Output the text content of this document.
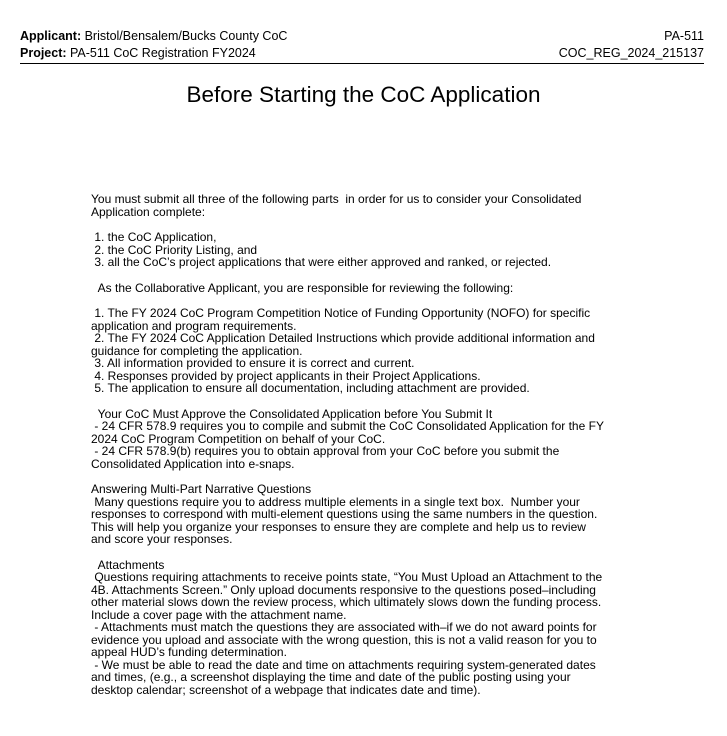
Applicant: Bristol/Bensalem/Bucks County CoC	PA-511
Project: PA-511 CoC Registration FY2024	COC_REG_2024_215137
Before Starting the CoC Application

You must submit all three of the following parts  in order for us to consider your Consolidated

Application complete:

1. the CoC Application,

2. the CoC Priority Listing, and

3. all the CoC’s project applications that were either approved and ranked, or rejected.

As the Collaborative Applicant, you are responsible for reviewing the following:

1. The FY 2024 CoC Program Competition Notice of Funding Opportunity (NOFO) for specific

application and program requirements.

2. The FY 2024 CoC Application Detailed Instructions which provide additional information and

guidance for completing the application.

3. All information provided to ensure it is correct and current.

4. Responses provided by project applicants in their Project Applications.

5. The application to ensure all documentation, including attachment are provided.

Your CoC Must Approve the Consolidated Application before You Submit It

- 24 CFR 578.9 requires you to compile and submit the CoC Consolidated Application for the FY

2024 CoC Program Competition on behalf of your CoC.

- 24 CFR 578.9(b) requires you to obtain approval from your CoC before you submit the

Consolidated Application into e-snaps.

Answering Multi-Part Narrative Questions

Many questions require you to address multiple elements in a single text box.  Number your

responses to correspond with multi-element questions using the same numbers in the question.

This will help you organize your responses to ensure they are complete and help us to review

and score your responses.

Attachments

Questions requiring attachments to receive points state, “You Must Upload an Attachment to the

4B. Attachments Screen.” Only upload documents responsive to the questions posed–including

other material slows down the review process, which ultimately slows down the funding process.

Include a cover page with the attachment name.

- Attachments must match the questions they are associated with–if we do not award points for

evidence you upload and associate with the wrong question, this is not a valid reason for you to

appeal HUD’s funding determination.

- We must be able to read the date and time on attachments requiring system-generated dates

and times, (e.g., a screenshot displaying the time and date of the public posting using your

desktop calendar; screenshot of a webpage that indicates date and time).
